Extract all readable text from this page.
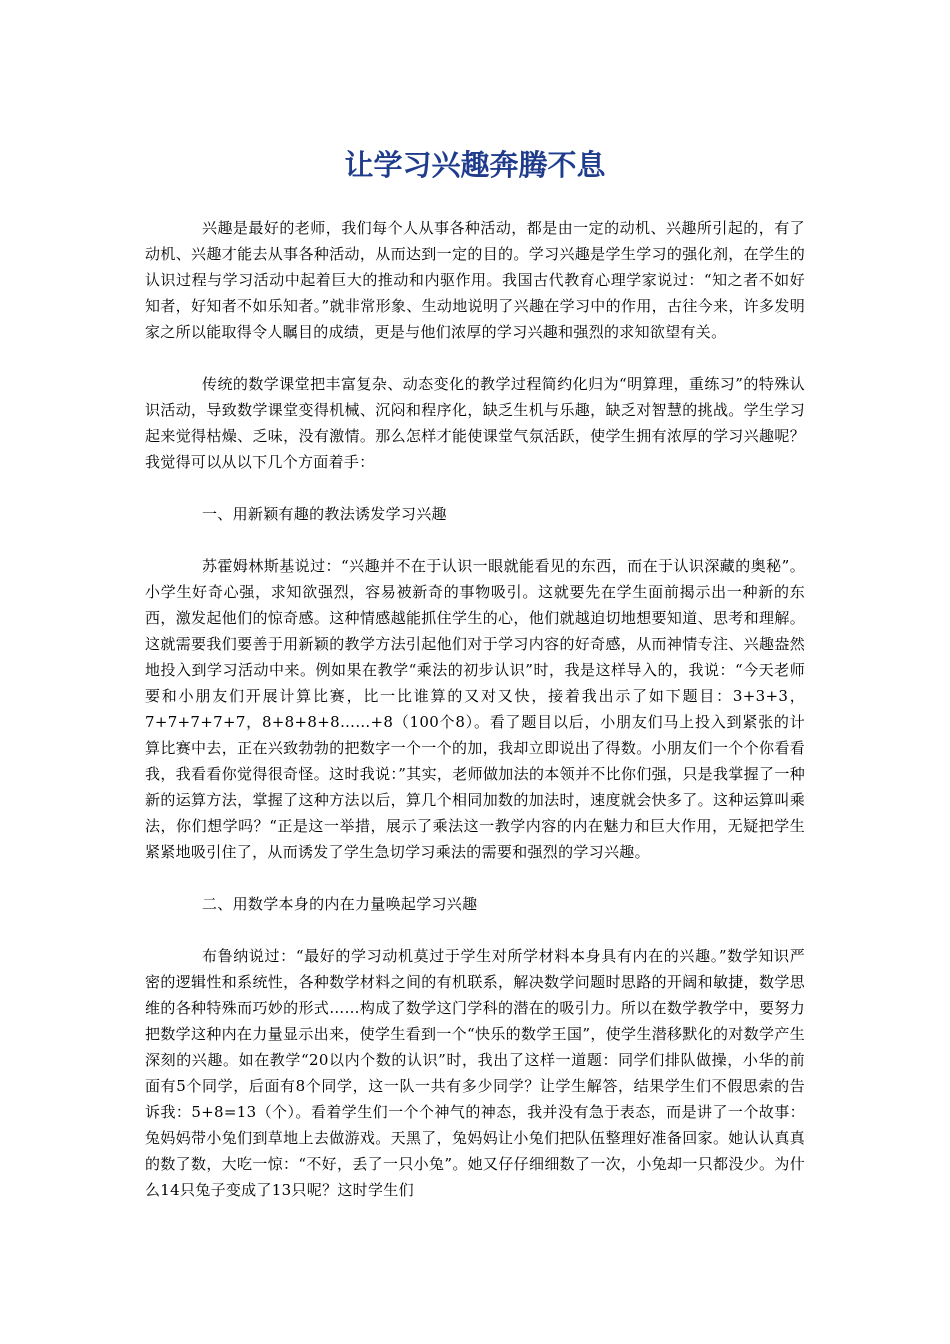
让学习兴趣奔腾不息

兴趣是最好的老师，我们每个人从事各种活动，都是由一定的动机、兴趣所引起的，有了动机、兴趣才能去从事各种活动，从而达到一定的目的。学习兴趣是学生学习的强化剂，在学生的认识过程与学习活动中起着巨大的推动和内驱作用。我国古代教育心理学家说过：“知之者不如好知者，好知者不如乐知者。”就非常形象、生动地说明了兴趣在学习中的作用，古往今来，许多发明家之所以能取得令人瞩目的成绩，更是与他们浓厚的学习兴趣和强烈的求知欲望有关。

传统的数学课堂把丰富复杂、动态变化的教学过程简约化归为“明算理，重练习”的特殊认识活动，导致数学课堂变得机械、沉闷和程序化，缺乏生机与乐趣，缺乏对智慧的挑战。学生学习起来觉得枯燥、乏味，没有激情。那么怎样才能使课堂气氛活跃，使学生拥有浓厚的学习兴趣呢？我觉得可以从以下几个方面着手：

一、用新颖有趣的教法诱发学习兴趣

苏霍姆林斯基说过：“兴趣并不在于认识一眼就能看见的东西，而在于认识深藏的奥秘”。小学生好奇心强，求知欲强烈，容易被新奇的事物吸引。这就要先在学生面前揭示出一种新的东西，激发起他们的惊奇感。这种情感越能抓住学生的心，他们就越迫切地想要知道、思考和理解。这就需要我们要善于用新颖的教学方法引起他们对于学习内容的好奇感，从而神情专注、兴趣盎然地投入到学习活动中来。例如果在教学“乘法的初步认识”时，我是这样导入的，我说：“今天老师要和小朋友们开展计算比赛，比一比谁算的又对又快，接着我出示了如下题目：3+3+3，7+7+7+7+7，8+8+8+8……+8（100个8）。看了题目以后，小朋友们马上投入到紧张的计算比赛中去，正在兴致勃勃的把数字一个一个的加，我却立即说出了得数。小朋友们一个个你看看我，我看看你觉得很奇怪。这时我说：”其实，老师做加法的本领并不比你们强，只是我掌握了一种新的运算方法，掌握了这种方法以后，算几个相同加数的加法时，速度就会快多了。这种运算叫乘法，你们想学吗？“正是这一举措，展示了乘法这一教学内容的内在魅力和巨大作用，无疑把学生紧紧地吸引住了，从而诱发了学生急切学习乘法的需要和强烈的学习兴趣。

二、用数学本身的内在力量唤起学习兴趣

布鲁纳说过：“最好的学习动机莫过于学生对所学材料本身具有内在的兴趣。”数学知识严密的逻辑性和系统性，各种数学材料之间的有机联系，解决数学问题时思路的开阔和敏捷，数学思维的各种特殊而巧妙的形式……构成了数学这门学科的潜在的吸引力。所以在数学教学中，要努力把数学这种内在力量显示出来，使学生看到一个“快乐的数学王国”，使学生潜移默化的对数学产生深刻的兴趣。如在教学“20以内个数的认识”时，我出了这样一道题：同学们排队做操，小华的前面有5个同学，后面有8个同学，这一队一共有多少同学？让学生解答，结果学生们不假思索的告诉我：5+8=13（个）。看着学生们一个个神气的神态，我并没有急于表态，而是讲了一个故事：兔妈妈带小兔们到草地上去做游戏。天黑了，兔妈妈让小兔们把队伍整理好准备回家。她认认真真的数了数，大吃一惊：“不好，丢了一只小兔”。她又仔仔细细数了一次，小兔却一只都没少。为什么14只兔子变成了13只呢？这时学生们
